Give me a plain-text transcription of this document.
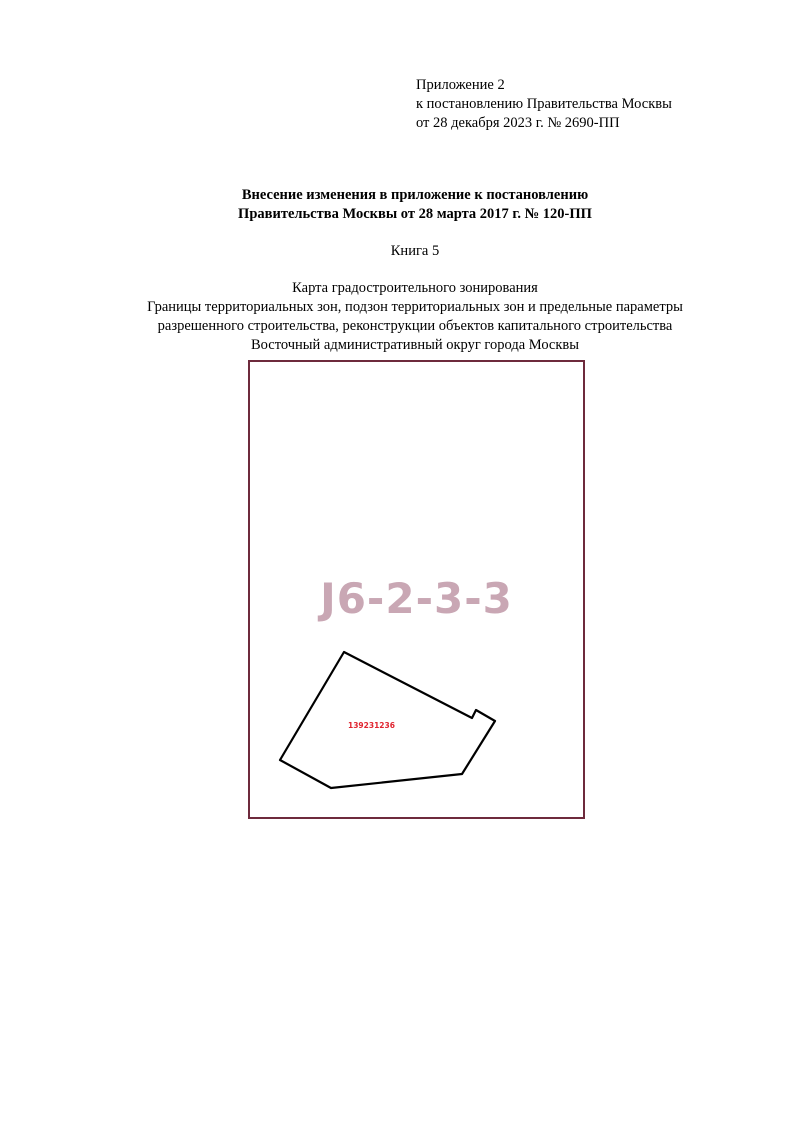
Приложение 2
к постановлению Правительства Москвы
от 28 декабря 2023 г. № 2690-ПП
Внесение изменения в приложение к постановлению
Правительства Москвы от 28 марта 2017 г. № 120-ПП
Книга 5
Карта градостроительного зонирования
Границы территориальных зон, подзон территориальных зон и предельные параметры
разрешенного строительства, реконструкции объектов капитального строительства
Восточный административный округ города Москвы
J6-2-3-3
139231236
